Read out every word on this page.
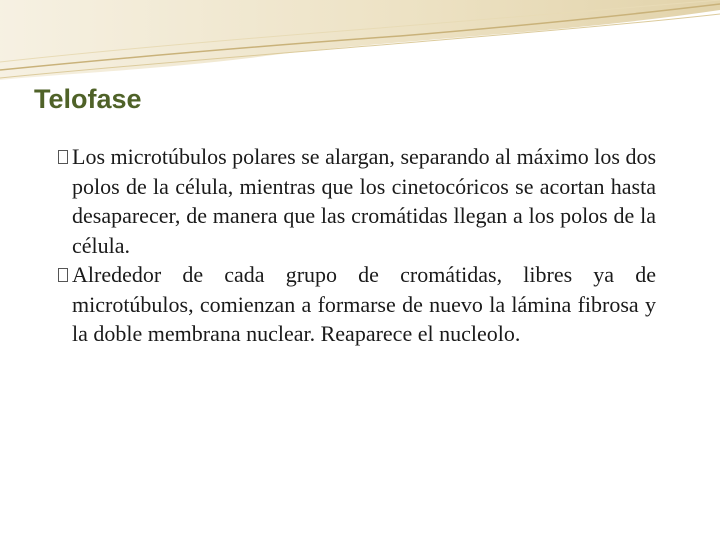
Telofase
Los microtúbulos polares se alargan, separando al máximo los dos polos de la célula, mientras que los cinetocóricos se acortan hasta desaparecer, de manera que las cromátidas llegan a los polos de la célula.
Alrededor de cada grupo de cromátidas, libres ya de microtúbulos, comienzan a formarse de nuevo la lámina fibrosa y la doble membrana nuclear. Reaparece el nucleolo.
